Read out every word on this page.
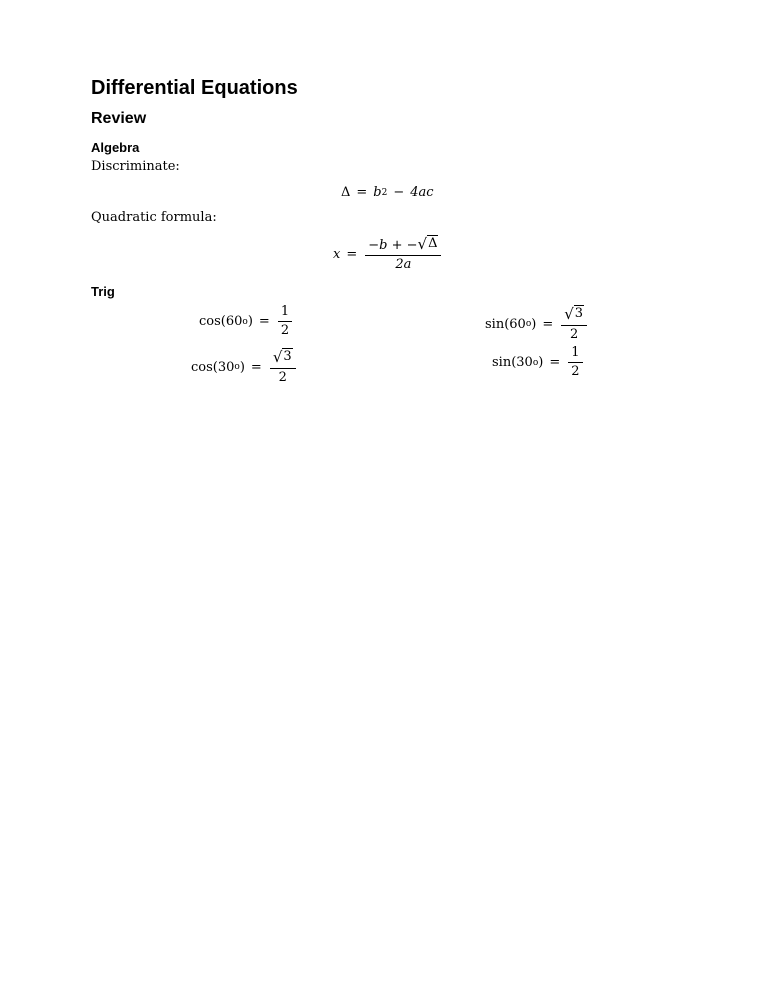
Differential Equations
Review
Algebra
Discriminate:
Δ = b 2 − 4ac
Quadratic formula:
$x = \frac{-b + - √ \Delta}{2a}$
Trig
cos(60 o ) = $\frac{1}{2}$
cos(30 o ) = $\frac{√ 3}{2}$
sin(60 o ) = $\frac{√ 3}{2}$
sin(30 o ) = $\frac{1}{2}$
